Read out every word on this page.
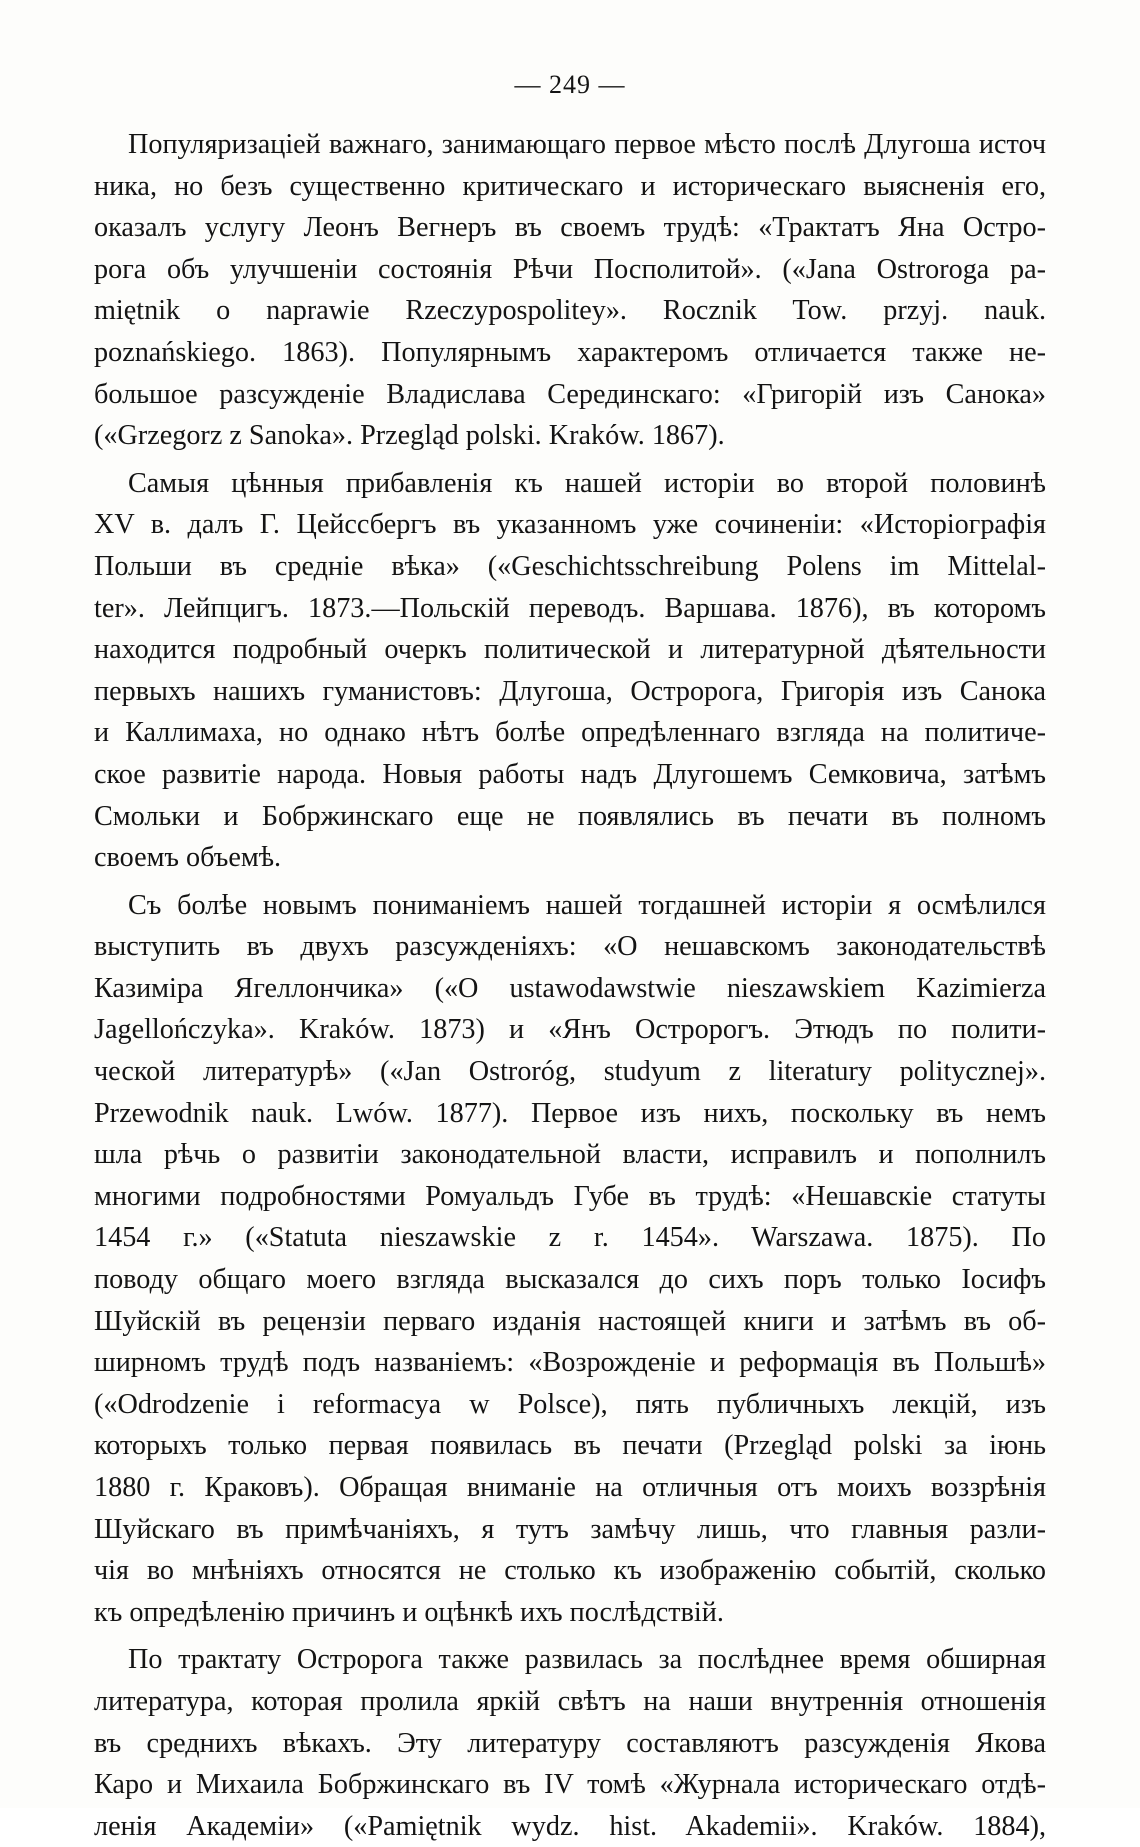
— 249 —

Популяризацiей важнаго, занимающаго первое мѣсто послѣ Длугоша источ
ника, но безъ существенно критическаго и историческаго выясненiя его,
оказалъ услугу Леонъ Вегнеръ въ своемъ трудѣ: «Трактатъ Яна Остро-
рога объ улучшенiи состоянiя Рѣчи Посполитой». («Jana Ostroroga pa-
miętnik o naprawie Rzeczypospolitey». Rocznik Tow. przyj. nauk.
poznańskiego. 1863). Популярнымъ характеромъ отличается также не-
большое разсужденiе Владислава Серединскаго: «Григорiй изъ Санока»
(«Grzegorz z Sanoka». Przegląd polski. Kraków. 1867).

Самыя цѣнныя прибавленiя къ нашей исторiи во второй половинѣ
XV в. далъ Г. Цейссбергъ въ указанномъ уже сочиненiи: «Исторiографiя
Польши въ среднiе вѣка» («Geschichtsschreibung Polens im Mittelal-
ter». Лейпцигъ. 1873.—Польскiй переводъ. Варшава. 1876), въ которомъ
находится подробный очеркъ политической и литературной дѣятельности
первыхъ нашихъ гуманистовъ: Длугоша, Остророга, Григорiя изъ Санока
и Каллимаха, но однако нѣтъ болѣе опредѣленнаго взгляда на политиче-
ское развитiе народа. Новыя работы надъ Длугошемъ Семковича, затѣмъ
Смольки и Бобржинскаго еще не появлялись въ печати въ полномъ
своемъ объемѣ.

Съ болѣе новымъ пониманiемъ нашей тогдашней исторiи я осмѣлился
выступить въ двухъ разсужденiяхъ: «О нешавскомъ законодательствѣ
Казимiра Ягеллончика» («O ustawodawstwie nieszawskiem Kazimierza
Jagellończyka». Kraków. 1873) и «Янъ Остророгъ. Этюдъ по полити-
ческой литературѣ» («Jan Ostroróg, studyum z literatury politycznej».
Przewodnik nauk. Lwów. 1877). Первое изъ нихъ, поскольку въ немъ
шла рѣчь о развитiи законодательной власти, исправилъ и пополнилъ
многими подробностями Ромуальдъ Губе въ трудѣ: «Нешавскiе статуты
1454 г.» («Statuta nieszawskie z r. 1454». Warszawa. 1875). По
поводу общаго моего взгляда высказался до сихъ поръ только Iосифъ
Шуйскiй въ рецензiи перваго изданiя настоящей книги и затѣмъ въ об-
ширномъ трудѣ подъ названiемъ: «Возрожденiе и реформацiя въ Польшѣ»
(«Odrodzenie i reformacya w Polsce), пять публичныхъ лекцiй, изъ
которыхъ только первая появилась въ печати (Przegląd polski за iюнь
1880 г. Краковъ). Обращая вниманiе на отличныя отъ моихъ воззрѣнiя
Шуйскаго въ примѣчанiяхъ, я тутъ замѣчу лишь, что главныя разли-
чiя во мнѣнiяхъ относятся не столько къ изображенiю событiй, сколько
къ опредѣленiю причинъ и оцѣнкѣ ихъ послѣдствiй.

По трактату Остророга также развилась за послѣднее время обширная
литература, которая пролила яркiй свѣтъ на наши внутреннiя отношенiя
въ среднихъ вѣкахъ. Эту литературу составляютъ разсужденiя Якова
Каро и Михаила Бобржинскаго въ IV томѣ «Журнала историческаго отдѣ-
ленiя Академiи» («Pamiętnik wydz. hist. Akademii». Kraków. 1884),
